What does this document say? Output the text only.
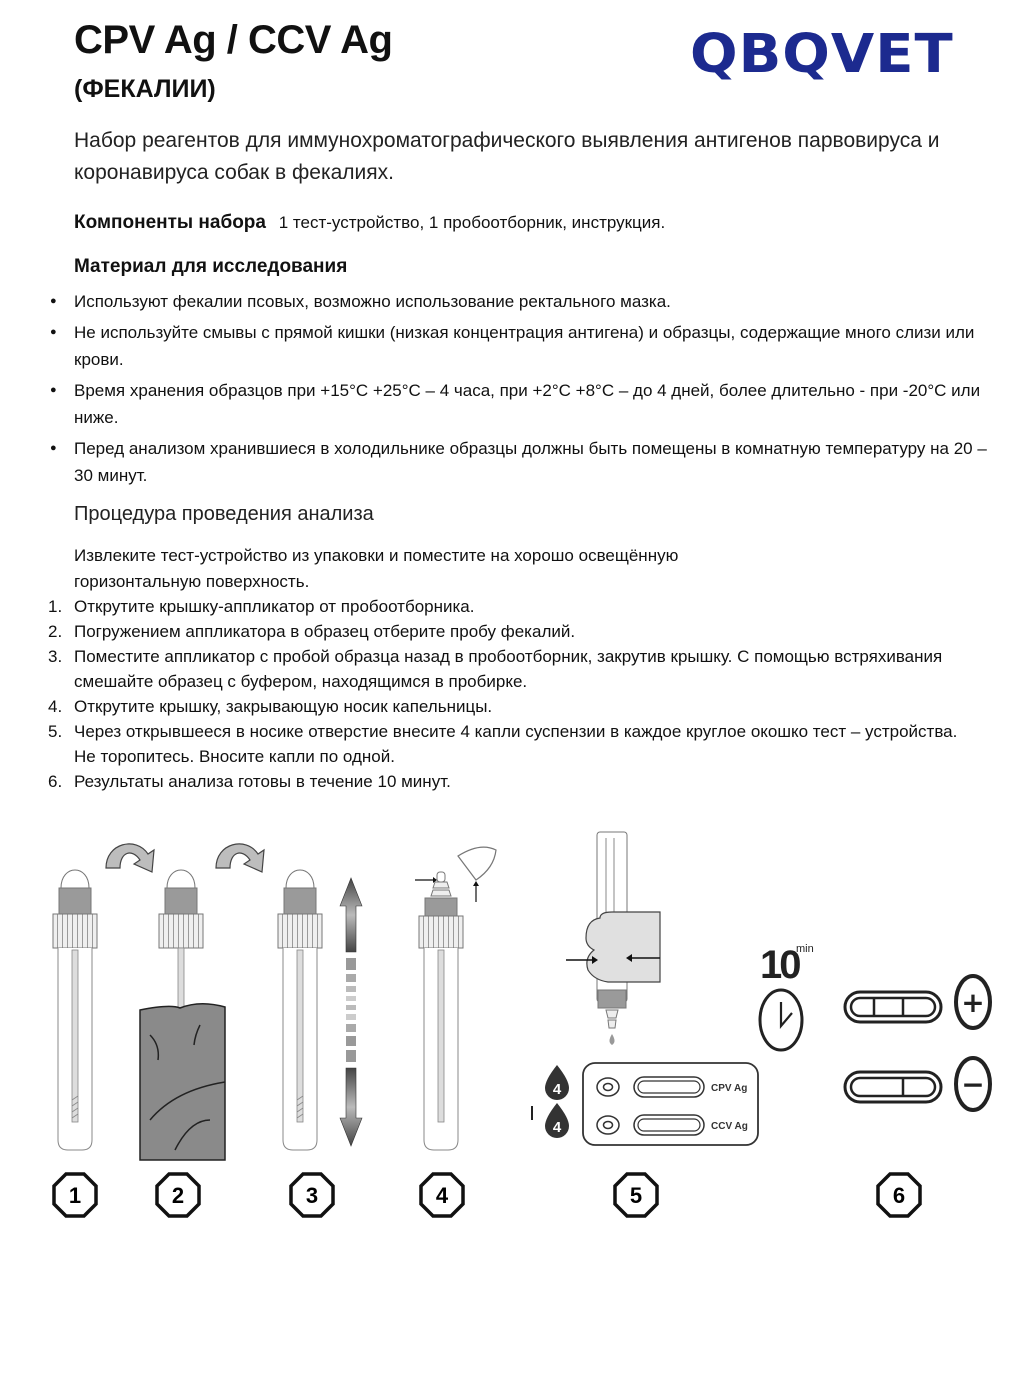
CPV Ag / CCV Ag
(ФЕКАЛИИ)
QBQVET
Набор реагентов для иммунохроматографического выявления антигенов парвовируса и коронавируса собак в фекалиях.
Компоненты набора 1 тест-устройство, 1 пробоотборник, инструкция.
Материал для исследования
● Используют фекалии псовых, возможно использование ректального мазка.
● Не используйте смывы с прямой кишки (низкая концентрация антигена) и образцы, содержащие много слизи или крови.
● Время хранения образцов при +15°C +25°C – 4 часа, при +2°C +8°C – до 4 дней, более длительно - при -20°C или ниже.
● Перед анализом хранившиеся в холодильнике образцы должны быть помещены в комнатную температуру на 20 – 30 минут.
Процедура проведения анализа
Извлеките тест-устройство из упаковки и поместите на хорошо освещённую горизонтальную поверхность.
1. Открутите крышку-аппликатор от пробоотборника.
2. Погружением аппликатора в образец отберите пробу фекалий.
3. Поместите аппликатор с пробой образца назад в пробоотборник, закрутив крышку. С помощью встряхивания смешайте образец с буфером, находящимся в пробирке.
4. Открутите крышку, закрывающую носик капельницы.
5. Через открывшееся в носике отверстие внесите 4 капли суспензии в каждое круглое окошко тест – устройства. Не торопитесь. Вносите капли по одной.
6. Результаты анализа готовы в течение 10 минут.
4
4
CPV Ag
CCV Ag
10
min
+
−
1	2	3	4	5	6
